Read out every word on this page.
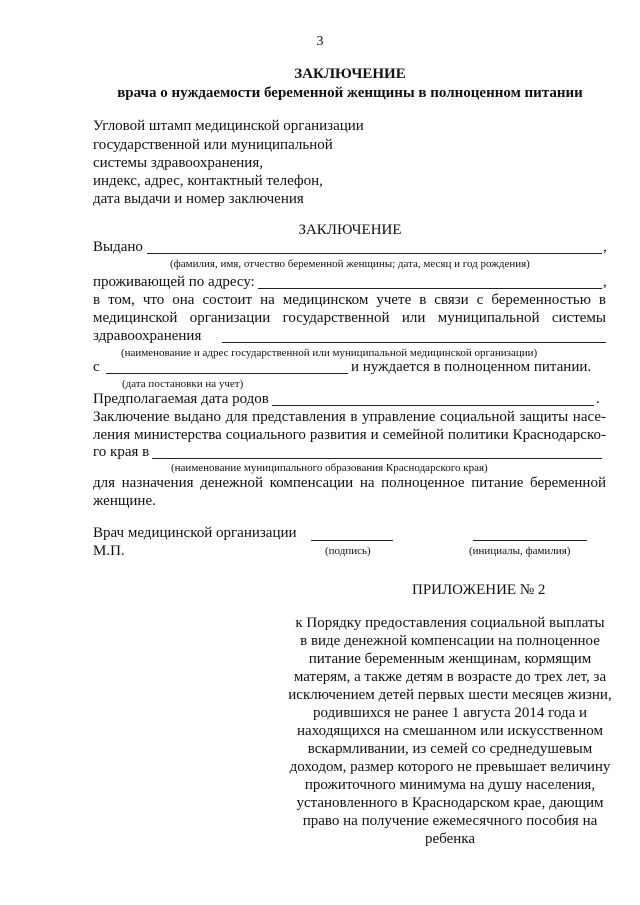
3
ЗАКЛЮЧЕНИЕ
врача о нуждаемости беременной женщины в полноценном питании
Угловой штамп медицинской организации
государственной или муниципальной
системы здравоохранения,
индекс, адрес, контактный телефон,
дата выдачи и номер заключения
ЗАКЛЮЧЕНИЕ
Выдано	,
(фамилия, имя, отчество беременной женщины; дата, месяц и год рождения)
проживающей по адресу:	,
в том, что она состоит на медицинском учете в связи с беременностью в
медицинской организации государственной или муниципальной системы
здравоохранения
(наименование и адрес государственной или муниципальной медицинской организации)
с	и нуждается в полноценном питании.
(дата постановки на учет)
Предполагаемая дата родов	.
Заключение выдано для представления в управление социальной защиты насе-
ления министерства социального развития и семейной политики Краснодарско-
го края в
(наименование муниципального образования Краснодарского края)
для назначения денежной компенсации на полноценное питание беременной
женщине.
Врач медицинской организации
М.П.	(подпись)	(инициалы, фамилия)
ПРИЛОЖЕНИЕ № 2
к Порядку предоставления социальной выплаты
в виде денежной компенсации на полноценное
питание беременным женщинам, кормящим
матерям, а также детям в возрасте до трех лет, за
исключением детей первых шести месяцев жизни,
родившихся не ранее 1 августа 2014 года и
находящихся на смешанном или искусственном
вскармливании, из семей со среднедушевым
доходом, размер которого не превышает величину
прожиточного минимума на душу населения,
установленного в Краснодарском крае, дающим
право на получение ежемесячного пособия на
ребенка
